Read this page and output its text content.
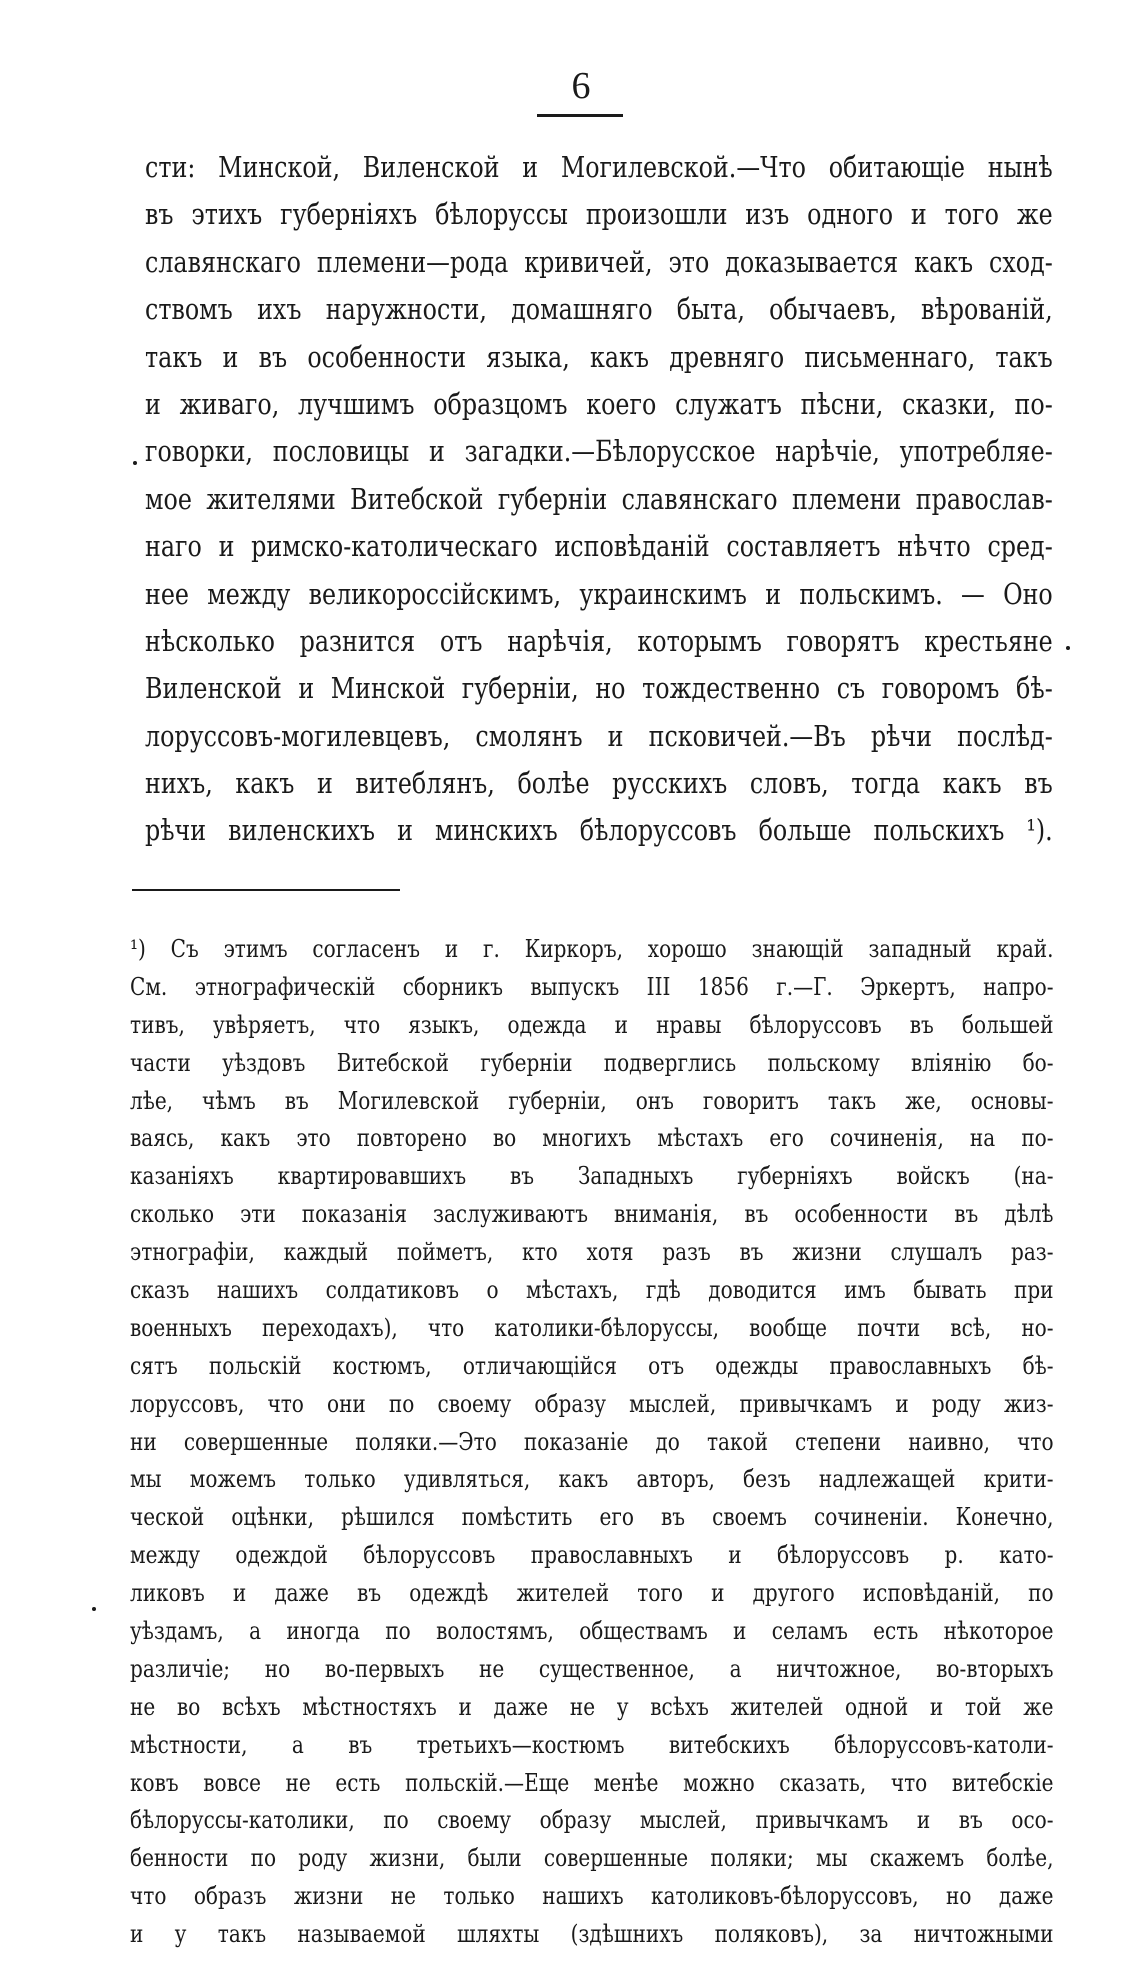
6
сти: Минской, Виленской и Могилевской.—Что обитающіе нынѣ
въ этихъ губерніяхъ бѣлоруссы произошли изъ одного и того же
славянскаго племени—рода кривичей, это доказывается какъ сход-
ствомъ ихъ наружности, домашняго быта, обычаевъ, вѣрованій,
такъ и въ особенности языка, какъ древняго письменнаго, такъ
и живаго, лучшимъ образцомъ коего служатъ пѣсни, сказки, по-
говорки, пословицы и загадки.—Бѣлорусское нарѣчіе, употребляе-
мое жителями Витебской губерніи славянскаго племени православ-
наго и римско-католическаго исповѣданій составляетъ нѣчто сред-
нее между великороссійскимъ, украинскимъ и польскимъ. — Оно
нѣсколько разнится отъ нарѣчія, которымъ говорятъ крестьяне
Виленской и Минской губерніи, но тождественно съ говоромъ бѣ-
лоруссовъ-могилевцевъ, смолянъ и псковичей.—Въ рѣчи послѣд-
нихъ, какъ и витеблянъ, болѣе русскихъ словъ, тогда какъ въ
рѣчи виленскихъ и минскихъ бѣлоруссовъ больше польскихъ ¹).
¹) Съ этимъ согласенъ и г. Киркоръ, хорошо знающій западный край.
См. этнографическій сборникъ выпускъ III 1856 г.—Г. Эркертъ, напро-
тивъ, увѣряетъ, что языкъ, одежда и нравы бѣлоруссовъ въ большей
части уѣздовъ Витебской губерніи подверглись польскому вліянію бо-
лѣе, чѣмъ въ Могилевской губерніи, онъ говоритъ такъ же, основы-
ваясь, какъ это повторено во многихъ мѣстахъ его сочиненія, на по-
казаніяхъ квартировавшихъ въ Западныхъ губерніяхъ войскъ (на-
сколько эти показанія заслуживаютъ вниманія, въ особенности въ дѣлѣ
этнографіи, каждый пойметъ, кто хотя разъ въ жизни слушалъ раз-
сказъ нашихъ солдатиковъ о мѣстахъ, гдѣ доводится имъ бывать при
военныхъ переходахъ), что католики-бѣлоруссы, вообще почти всѣ, но-
сятъ польскій костюмъ, отличающійся отъ одежды православныхъ бѣ-
лоруссовъ, что они по своему образу мыслей, привычкамъ и роду жиз-
ни совершенные поляки.—Это показаніе до такой степени наивно, что
мы можемъ только удивляться, какъ авторъ, безъ надлежащей крити-
ческой оцѣнки, рѣшился помѣстить его въ своемъ сочиненіи. Конечно,
между одеждой бѣлоруссовъ православныхъ и бѣлоруссовъ р. като-
ликовъ и даже въ одеждѣ жителей того и другого исповѣданій, по
уѣздамъ, а иногда по волостямъ, обществамъ и селамъ есть нѣкоторое
различіе; но во-первыхъ не существенное, а ничтожное, во-вторыхъ
не во всѣхъ мѣстностяхъ и даже не у всѣхъ жителей одной и той же
мѣстности, а въ третьихъ—костюмъ витебскихъ бѣлоруссовъ-католи-
ковъ вовсе не есть польскій.—Еще менѣе можно сказать, что витебскіе
бѣлоруссы-католики, по своему образу мыслей, привычкамъ и въ осо-
бенности по роду жизни, были совершенные поляки; мы скажемъ болѣе,
что образъ жизни не только нашихъ католиковъ-бѣлоруссовъ, но даже
и у такъ называемой шляхты (здѣшнихъ поляковъ), за ничтожными
